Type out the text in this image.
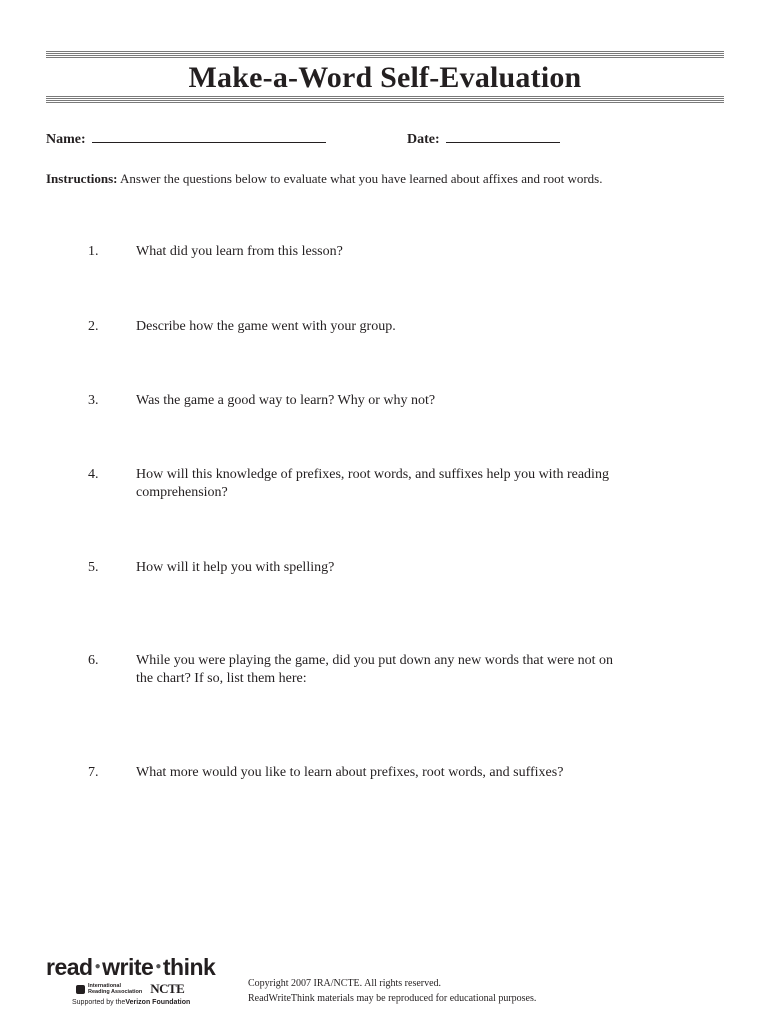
Make-a-Word Self-Evaluation
Name:	Date:

Instructions: Answer the questions below to evaluate what you have learned about affixes and root words.

1.	What did you learn from this lesson?
2.	Describe how the game went with your group.
3.	Was the game a good way to learn? Why or why not?
4.	How will this knowledge of prefixes, root words, and suffixes help you with reading
comprehension?
5.	How will it help you with spelling?
6.	While you were playing the game, did you put down any new words that were not on
the chart? If so, list them here:
7.	What more would you like to learn about prefixes, root words, and suffixes?
read ● write ● think
International
Reading Association NCTE
Supported by theVerizon Foundation
Copyright 2007 IRA/NCTE. All rights reserved.
ReadWriteThink materials may be reproduced for educational purposes.
